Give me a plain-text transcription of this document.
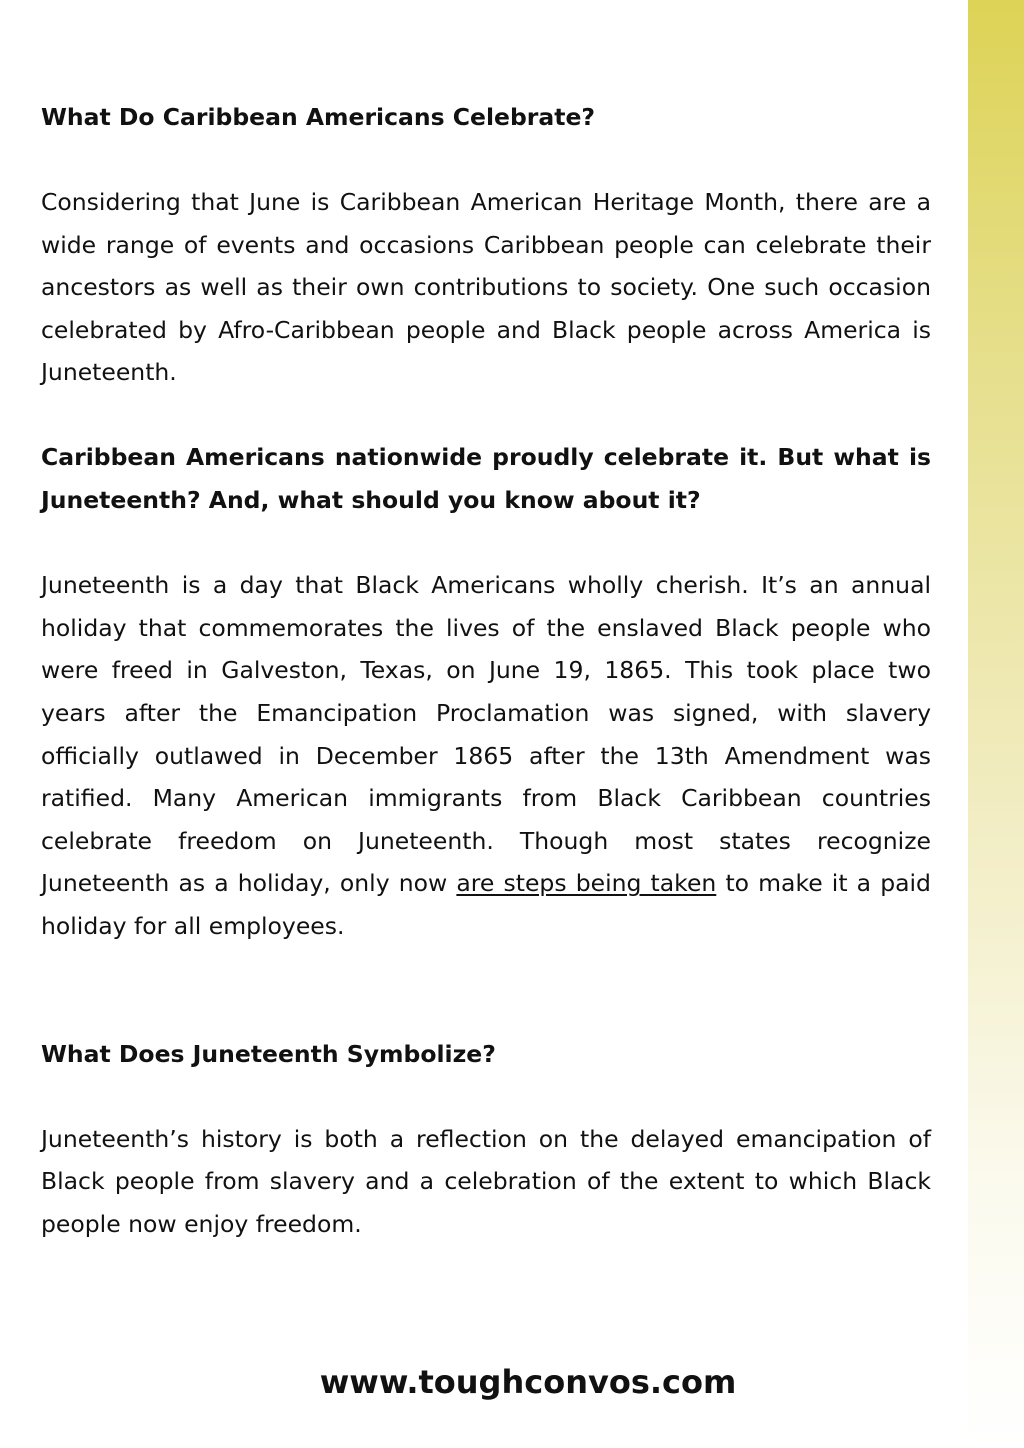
What Do Caribbean Americans Celebrate?

Considering that June is Caribbean American Heritage Month, there are a wide range of events and occasions Caribbean people can celebrate their ancestors as well as their own contributions to society. One such occasion celebrated by Afro-Caribbean people and Black people across America is Juneteenth.

Caribbean Americans nationwide proudly celebrate it. But what is Juneteenth? And, what should you know about it?

Juneteenth is a day that Black Americans wholly cherish. It’s an annual holiday that commemorates the lives of the enslaved Black people who were freed in Galveston, Texas, on June 19, 1865. This took place two years after the Emancipation Proclamation was signed, with slavery officially outlawed in December 1865 after the 13th Amendment was ratified. Many American immigrants from Black Caribbean countries celebrate freedom on Juneteenth. Though most states recognize Juneteenth as a holiday, only now are steps being taken to make it a paid holiday for all employees.

What Does Juneteenth Symbolize?

Juneteenth’s history is both a reflection on the delayed emancipation of Black people from slavery and a celebration of the extent to which Black people now enjoy freedom.

www.toughconvos.com
